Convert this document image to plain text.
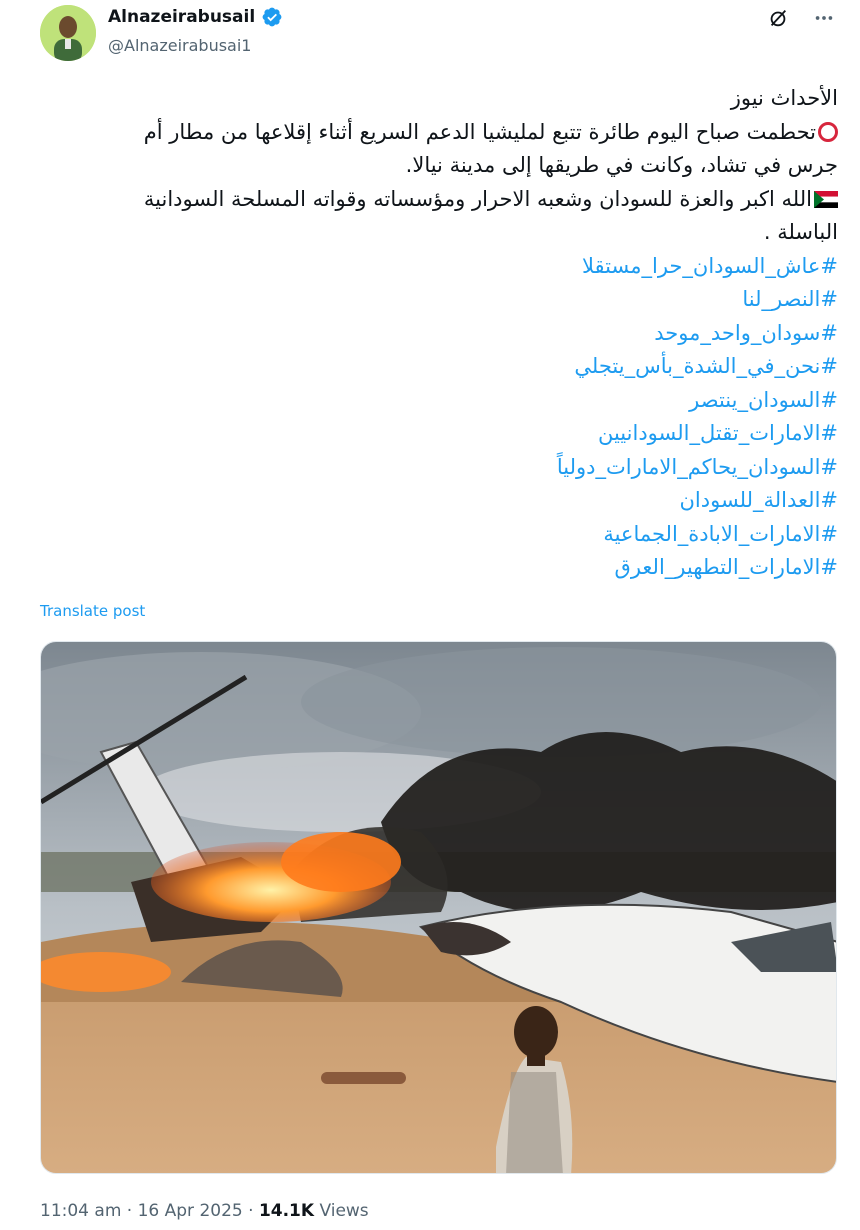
Alnazeirabusail
@Alnazeirabusai1
الأحداث نيوز
تحطمت صباح اليوم طائرة تتبع لمليشيا الدعم السريع أثناء إقلاعها من مطار أم
جرس في تشاد، وكانت في طريقها إلى مدينة نيالا.
الله اكبر والعزة للسودان وشعبه الاحرار ومؤسساته وقواته المسلحة السودانية
الباسلة .
#عاش_السودان_حرا_مستقلا
#النصر_لنا
#سودان_واحد_موحد
#نحن_في_الشدة_بأس_يتجلي
#السودان_ينتصر
#الامارات_تقتل_السودانيين
#السودان_يحاكم_الامارات_دولياً
#العدالة_للسودان
#الامارات_الابادة_الجماعية
#الامارات_التطهير_العرق
Translate post
11:04 am · 16 Apr 2025 · 14.1K Views
